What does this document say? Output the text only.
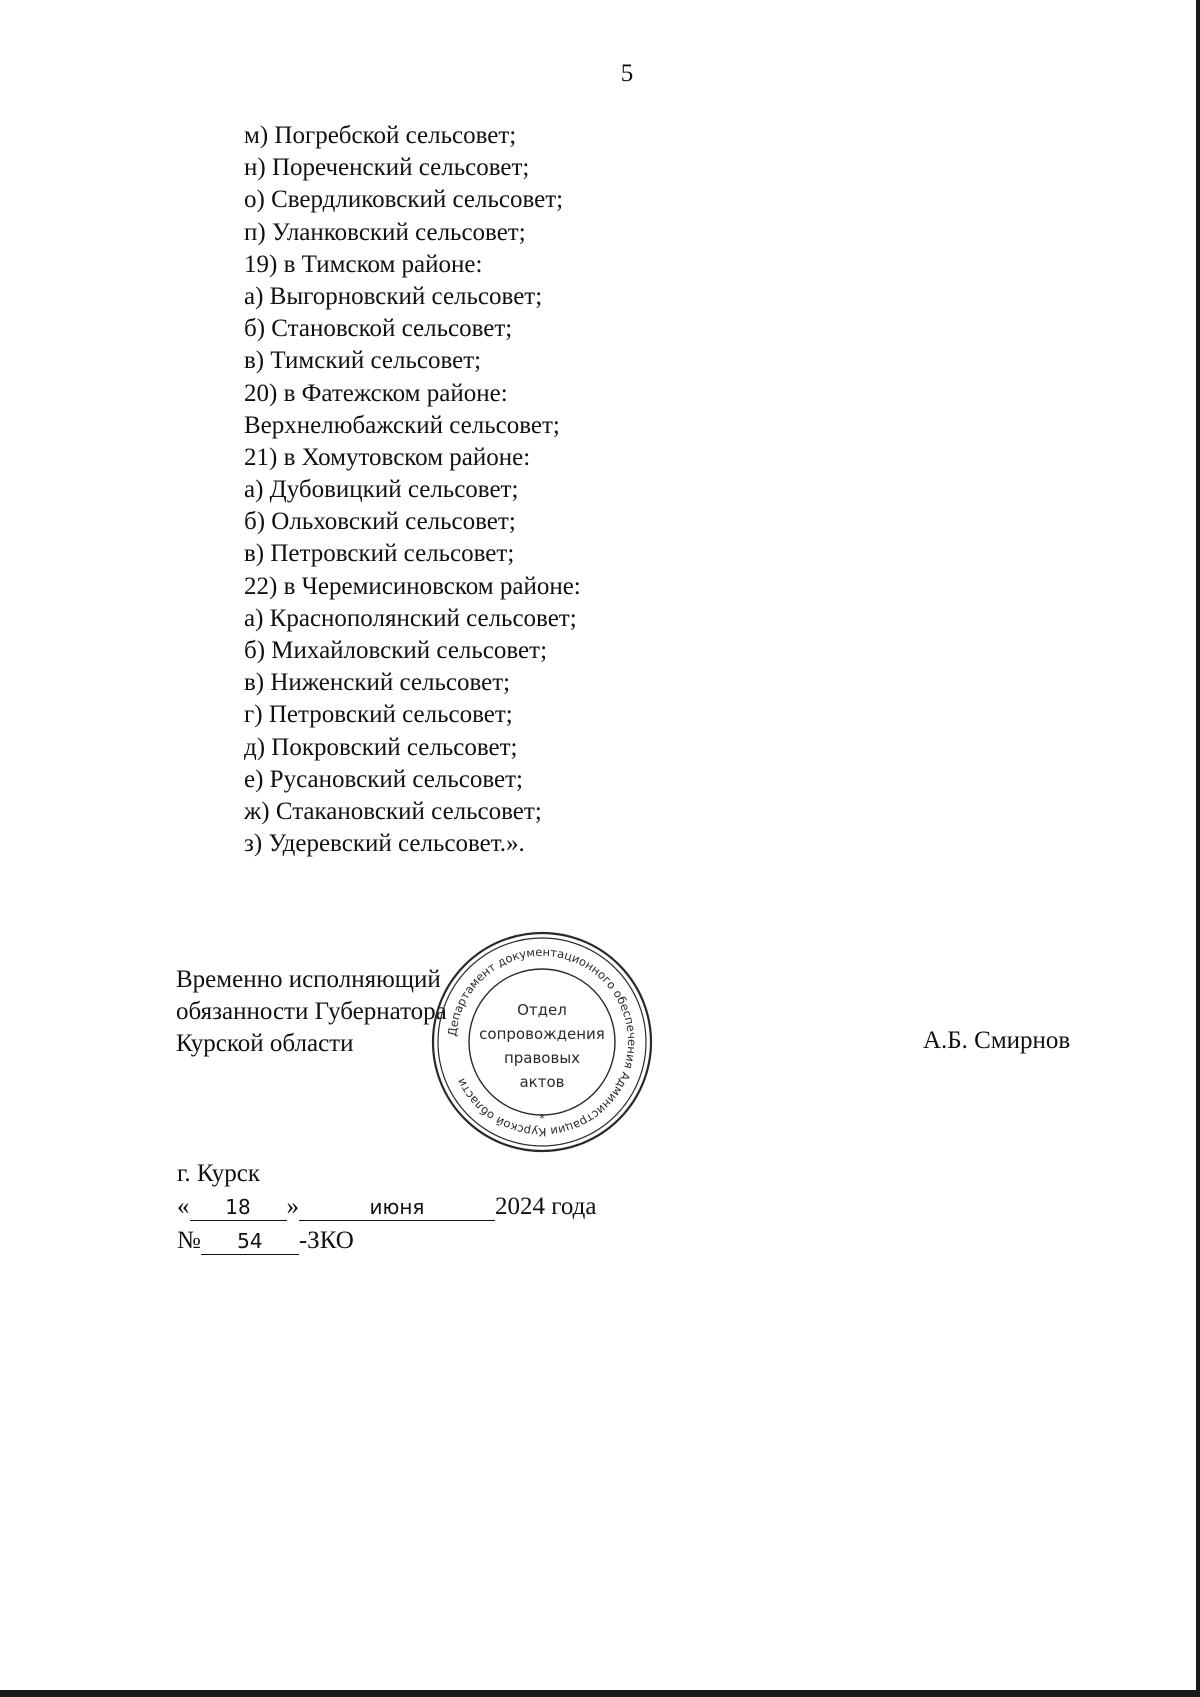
5
м) Погребской сельсовет;
н) Пореченский сельсовет;
о) Свердликовский сельсовет;
п) Уланковский сельсовет;
19) в Тимском районе:
а) Выгорновский сельсовет;
б) Становской сельсовет;
в) Тимский сельсовет;
20) в Фатежском районе:
Верхнелюбажский сельсовет;
21) в Хомутовском районе:
а) Дубовицкий сельсовет;
б) Ольховский сельсовет;
в) Петровский сельсовет;
22) в Черемисиновском районе:
а) Краснополянский сельсовет;
б) Михайловский сельсовет;
в) Ниженский сельсовет;
г) Петровский сельсовет;
д) Покровский сельсовет;
е) Русановский сельсовет;
ж) Стакановский сельсовет;
з) Удеревский сельсовет.».
Временно исполняющий
обязанности Губернатора
Курской области	Департамент документационного обеспечения Администрации Курской области
*
Отдел
сопровождения
правовых
актов
А.Б. Смирнов
г. Курск
« 18 »	июня	2024 года
№ 54 -ЗКО
